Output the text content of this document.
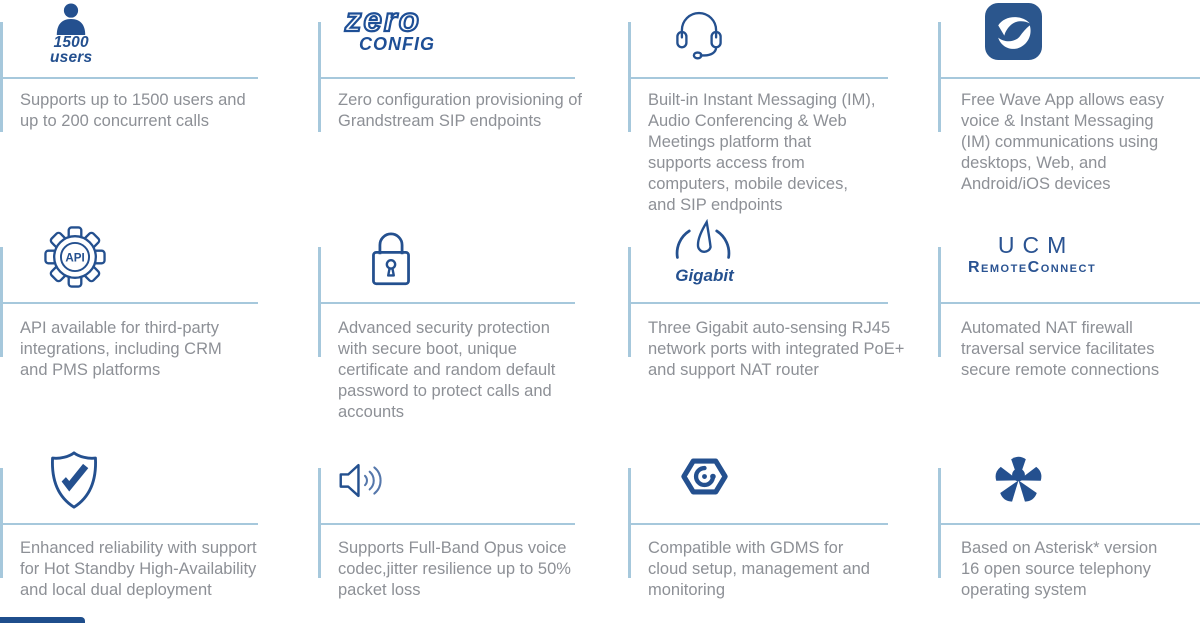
1500
users
Supports up to 1500 users and up to 200 concurrent calls
zero
CONFIG
Zero configuration provisioning of Grandstream SIP endpoints
Built-in Instant Messaging (IM), Audio Conferencing & Web Meetings platform that supports access from computers, mobile devices, and SIP endpoints
Free Wave App allows easy voice & Instant Messaging (IM) communications using desktops, Web, and Android/iOS devices
API
API available for third-party integrations, including CRM and PMS platforms
Advanced security protection with secure boot, unique certificate and random default password to protect calls and accounts
Gigabit
Three Gigabit auto-sensing RJ45 network ports with integrated PoE+ and support NAT router
UCM
RemoteConnect
Automated NAT firewall traversal service facilitates secure remote connections
Enhanced reliability with support for Hot Standby High-Availability and local dual deployment
Supports Full-Band Opus voice codec,jitter resilience up to 50% packet loss
Compatible with GDMS for cloud setup, management and monitoring
Based on Asterisk* version 16 open source telephony operating system
